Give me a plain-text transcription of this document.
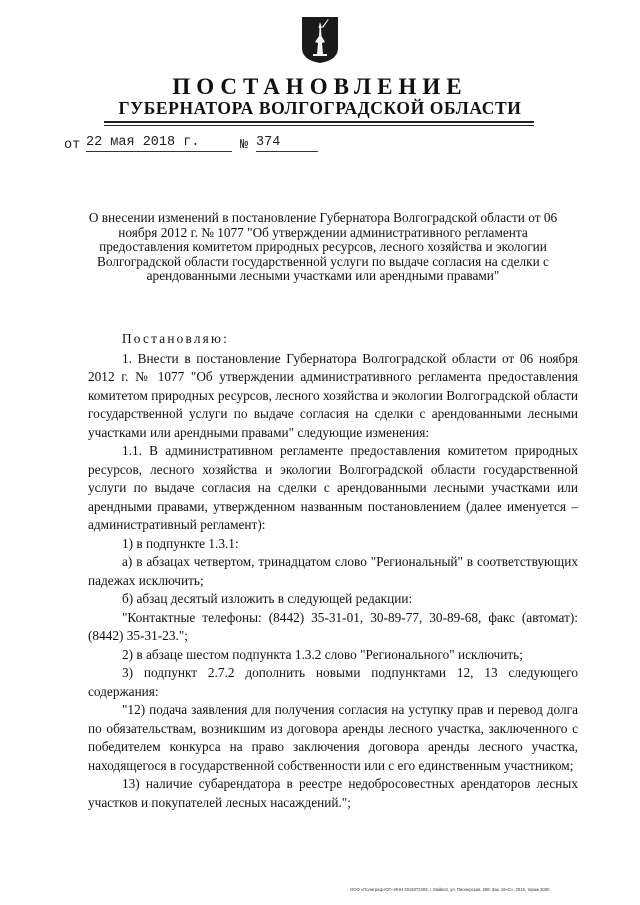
ПОСТАНОВЛЕНИЕ
ГУБЕРНАТОРА ВОЛГОГРАДСКОЙ ОБЛАСТИ
от 22 мая 2018 г.	№ 374
О внесении изменений в постановление Губернатора Волгоградской области от 06 ноября 2012 г. № 1077 "Об утверждении административного регламента предоставления комитетом природных ресурсов, лесного хозяйства и экологии Волгоградской области государственной услуги по выдаче согласия на сделки с арендованными лесными участками или арендными правами"

Постановляю:

1. Внести в постановление Губернатора Волгоградской области от 06 ноября 2012 г. № 1077 "Об утверждении административного регламента предоставления комитетом природных ресурсов, лесного хозяйства и экологии Волгоградской области государственной услуги по выдаче согласия на сделки с арендованными лесными участками или арендными правами" следующие изменения:

1.1. В административном регламенте предоставления комитетом природных ресурсов, лесного хозяйства и экологии Волгоградской области государственной услуги по выдаче согласия на сделки с арендованными лесными участками или арендными правами, утвержденном названным постановлением (далее именуется – административный регламент):

1) в подпункте 1.3.1:

а) в абзацах четвертом, тринадцатом слово "Региональный" в соответствующих падежах исключить;

б) абзац десятый изложить в следующей редакции:

"Контактные телефоны: (8442) 35-31-01, 30-89-77, 30-89-68, факс (автомат): (8442) 35-31-23.";

2) в абзаце шестом подпункта 1.3.2 слово "Регионального" исключить;

3) подпункт 2.7.2 дополнить новыми подпунктами 12, 13 следующего содержания:

"12) подача заявления для получения согласия на уступку прав и перевод долга по обязательствам, возникшим из договора аренды лесного участка, заключенного с победителем конкурса на право заключения договора аренды лесного участка, находящегося в государственной собственности или с его единственным участником;

13) наличие субарендатора в реестре недобросовестных арендаторов лесных участков и покупателей лесных насаждений.";

ООО «Полиграф-ЮГ» ИНН 3015072309, г. Майкоп, ул. Пионерская, 268. Зак. 19«С», 2015, тираж 3000
